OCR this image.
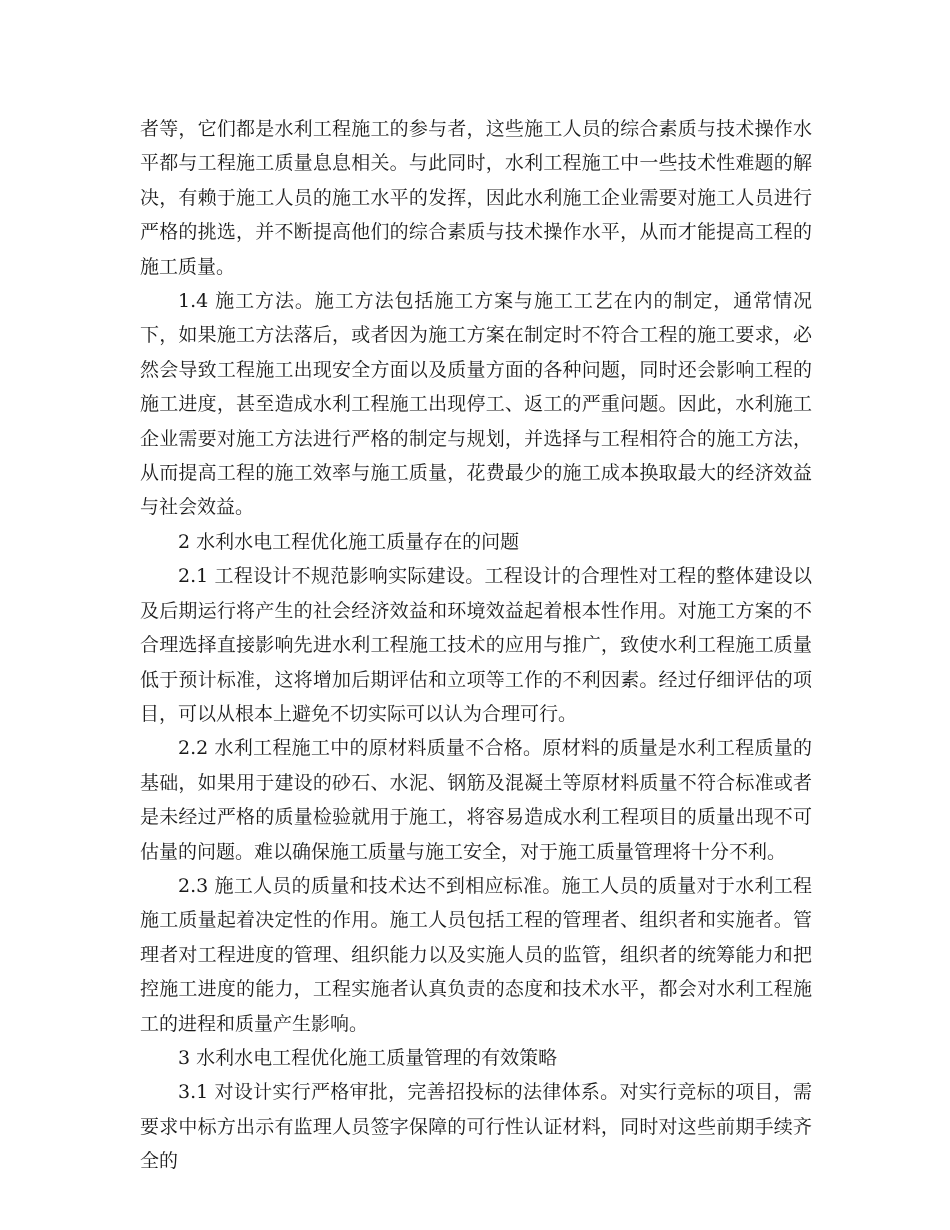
者等，它们都是水利工程施工的参与者，这些施工人员的综合素质与技术操作水平都与工程施工质量息息相关。与此同时，水利工程施工中一些技术性难题的解决，有赖于施工人员的施工水平的发挥，因此水利施工企业需要对施工人员进行严格的挑选，并不断提高他们的综合素质与技术操作水平，从而才能提高工程的施工质量。

1.4 施工方法。施工方法包括施工方案与施工工艺在内的制定，通常情况下，如果施工方法落后，或者因为施工方案在制定时不符合工程的施工要求，必然会导致工程施工出现安全方面以及质量方面的各种问题，同时还会影响工程的施工进度，甚至造成水利工程施工出现停工、返工的严重问题。因此，水利施工企业需要对施工方法进行严格的制定与规划，并选择与工程相符合的施工方法，从而提高工程的施工效率与施工质量，花费最少的施工成本换取最大的经济效益与社会效益。

2 水利水电工程优化施工质量存在的问题

2.1 工程设计不规范影响实际建设。工程设计的合理性对工程的整体建设以及后期运行将产生的社会经济效益和环境效益起着根本性作用。对施工方案的不合理选择直接影响先进水利工程施工技术的应用与推广，致使水利工程施工质量低于预计标准，这将增加后期评估和立项等工作的不利因素。经过仔细评估的项目，可以从根本上避免不切实际可以认为合理可行。

2.2 水利工程施工中的原材料质量不合格。原材料的质量是水利工程质量的基础，如果用于建设的砂石、水泥、钢筋及混凝土等原材料质量不符合标准或者是未经过严格的质量检验就用于施工，将容易造成水利工程项目的质量出现不可估量的问题。难以确保施工质量与施工安全，对于施工质量管理将十分不利。

2.3 施工人员的质量和技术达不到相应标准。施工人员的质量对于水利工程施工质量起着决定性的作用。施工人员包括工程的管理者、组织者和实施者。管理者对工程进度的管理、组织能力以及实施人员的监管，组织者的统筹能力和把控施工进度的能力，工程实施者认真负责的态度和技术水平，都会对水利工程施工的进程和质量产生影响。

3 水利水电工程优化施工质量管理的有效策略

3.1 对设计实行严格审批，完善招投标的法律体系。对实行竞标的项目，需要求中标方出示有监理人员签字保障的可行性认证材料，同时对这些前期手续齐全的
